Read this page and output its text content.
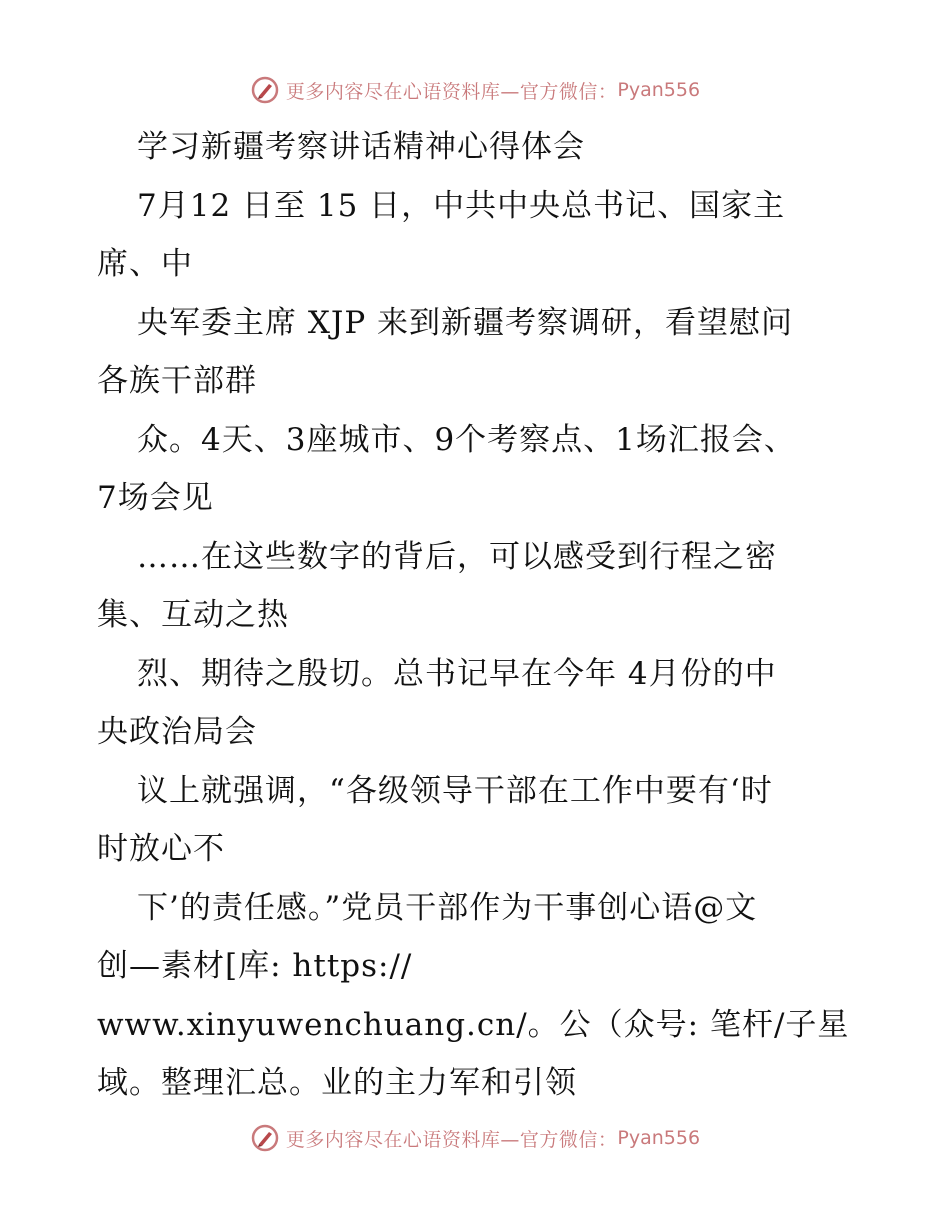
更多内容尽在心语资料库—官方微信： Pyan556
学习新疆考察讲话精神心得体会
7月12 日至 15 日，中共中央总书记、国家主
席、中
央军委主席 XJP 来到新疆考察调研，看望慰问
各族干部群
众。4天、3座城市、9个考察点、1场汇报会、
7场会见
……在这些数字的背后，可以感受到行程之密
集、互动之热
烈、期待之殷切。总书记早在今年 4月份的中
央政治局会
议上就强调，“各级领导干部在工作中要有‘时
时放心不
下’的责任感。”党员干部作为干事创心语@文
创—素材[库: https://
www.xinyuwenchuang.cn/。公（众号: 笔杆/子星
域。整理汇总。业的主力军和引领
更多内容尽在心语资料库—官方微信： Pyan556
